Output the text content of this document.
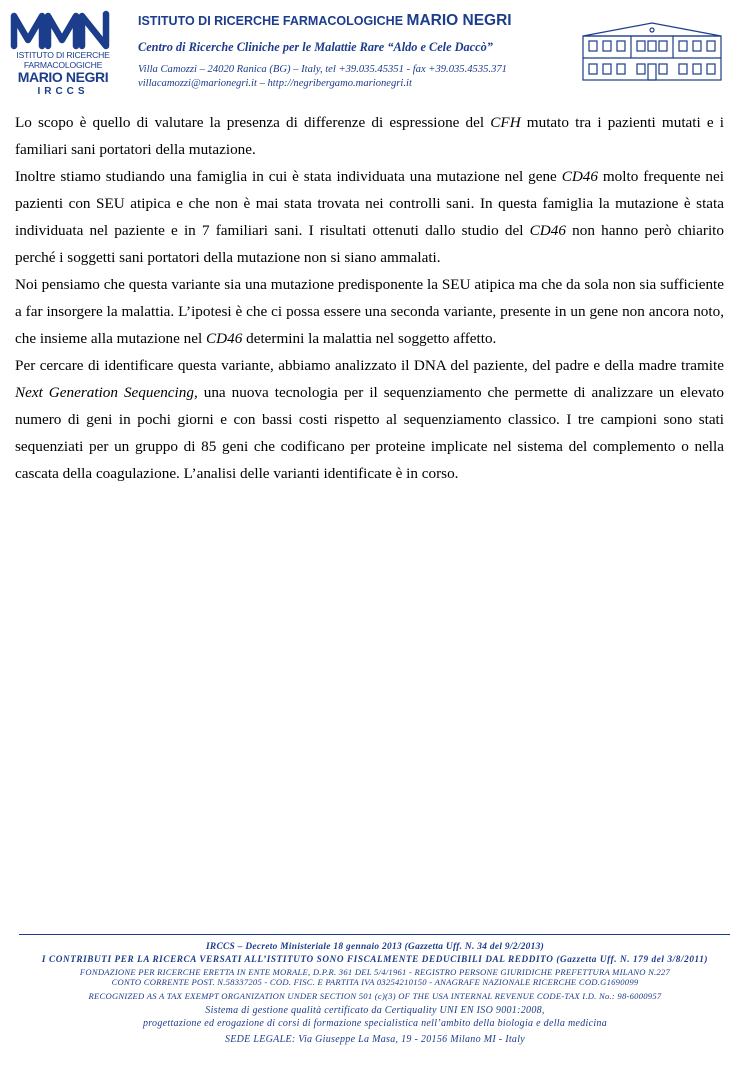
ISTITUTO DI RICERCHE
FARMACOLOGICHE
MARIO NEGRI
IRCCS
ISTITUTO DI RICERCHE FARMACOLOGICHE MARIO NEGRI
Centro di Ricerche Cliniche per le Malattie Rare “Aldo e Cele Daccò”
Villa Camozzi – 24020 Ranica (BG) – Italy, tel +39.035.45351 - fax +39.035.4535.371
villacamozzi@marionegri.it – http://negribergamo.marionegri.it

Lo scopo è quello di valutare la presenza di differenze di espressione del CFH mutato tra i pazienti mutati e i familiari sani portatori della mutazione.

Inoltre stiamo studiando una famiglia in cui è stata individuata una mutazione nel gene CD46 molto frequente nei pazienti con SEU atipica e che non è mai stata trovata nei controlli sani. In questa famiglia la mutazione è stata individuata nel paziente e in 7 familiari sani. I risultati ottenuti dallo studio del CD46 non hanno però chiarito perché i soggetti sani portatori della mutazione non si siano ammalati.

Noi pensiamo che questa variante sia una mutazione predisponente la SEU atipica ma che da sola non sia sufficiente a far insorgere la malattia. L’ipotesi è che ci possa essere una seconda variante, presente in un gene non ancora noto, che insieme alla mutazione nel CD46 determini la malattia nel soggetto affetto.

Per cercare di identificare questa variante, abbiamo analizzato il DNA del paziente, del padre e della madre tramite Next Generation Sequencing, una nuova tecnologia per il sequenziamento che permette di analizzare un elevato numero di geni in pochi giorni e con bassi costi rispetto al sequenziamento classico. I tre campioni sono stati sequenziati per un gruppo di 85 geni che codificano per proteine implicate nel sistema del complemento o nella cascata della coagulazione. L’analisi delle varianti identificate è in corso.

IRCCS – Decreto Ministeriale 18 gennaio 2013 (Gazzetta Uff. N. 34 del 9/2/2013)
I CONTRIBUTI PER LA RICERCA VERSATI ALL’ISTITUTO SONO FISCALMENTE DEDUCIBILI DAL REDDITO (Gazzetta Uff. N. 179 del 3/8/2011)
FONDAZIONE PER RICERCHE ERETTA IN ENTE MORALE, D.P.R. 361 DEL 5/4/1961 - REGISTRO PERSONE GIURIDICHE PREFETTURA MILANO N.227
CONTO CORRENTE POST. N.58337205 - COD. FISC. E PARTITA IVA 03254210150 - ANAGRAFE NAZIONALE RICERCHE COD.G1690099
RECOGNIZED AS A TAX EXEMPT ORGANIZATION UNDER SECTION 501 (c)(3) OF THE USA INTERNAL REVENUE CODE-TAX I.D. No.: 98-6000957
Sistema di gestione qualità certificato da Certiquality UNI EN ISO 9001:2008,
progettazione ed erogazione di corsi di formazione specialistica nell’ambito della biologia e della medicina
SEDE LEGALE: Via Giuseppe La Masa, 19 - 20156 Milano MI - Italy
